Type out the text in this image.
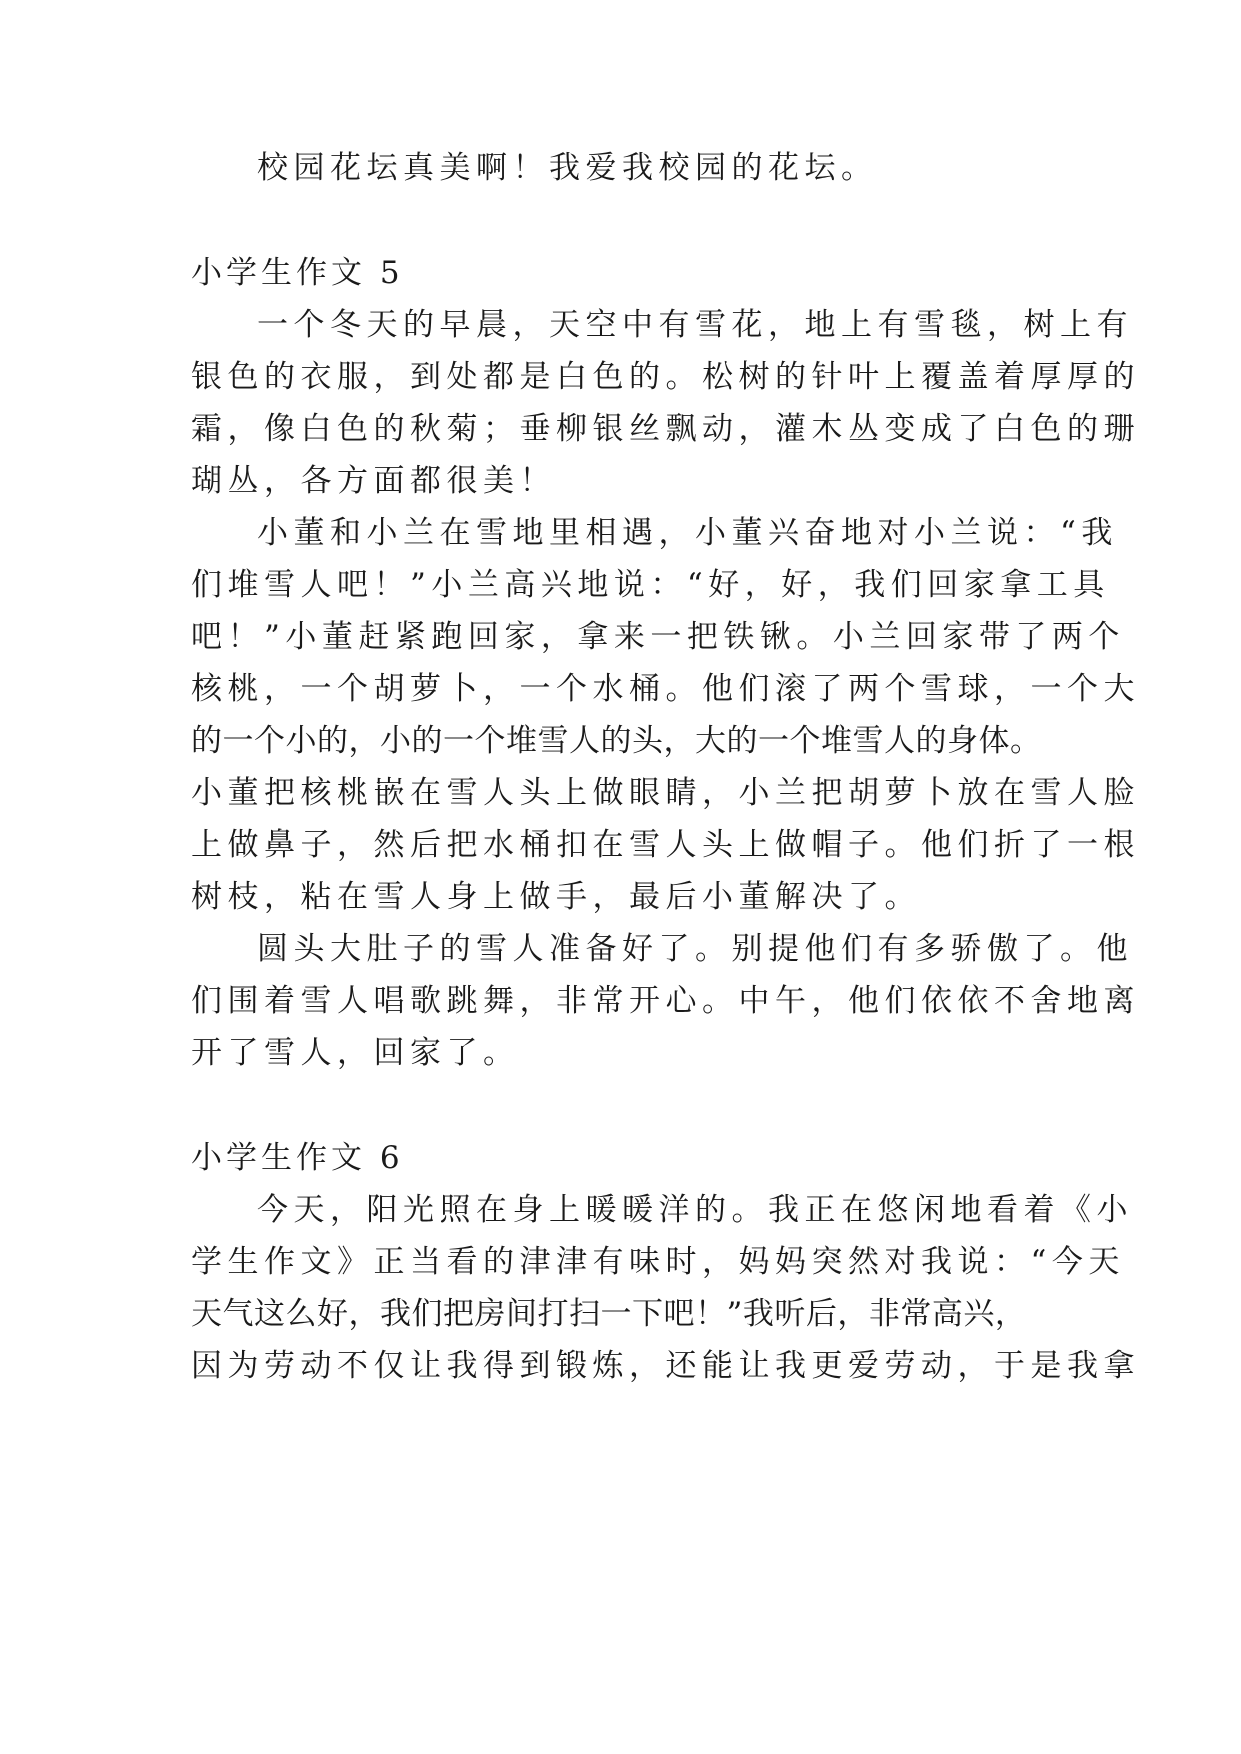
校园花坛真美啊！我爱我校园的花坛。
小学生作文 5
一个冬天的早晨，天空中有雪花，地上有雪毯，树上有
银色的衣服，到处都是白色的。松树的针叶上覆盖着厚厚的
霜，像白色的秋菊；垂柳银丝飘动，灌木丛变成了白色的珊
瑚丛，各方面都很美！
小董和小兰在雪地里相遇，小董兴奋地对小兰说：“我
们堆雪人吧！”小兰高兴地说：“好，好，我们回家拿工具
吧！”小董赶紧跑回家，拿来一把铁锹。小兰回家带了两个
核桃，一个胡萝卜，一个水桶。他们滚了两个雪球，一个大
的一个小的，小的一个堆雪人的头，大的一个堆雪人的身体。
小董把核桃嵌在雪人头上做眼睛，小兰把胡萝卜放在雪人脸
上做鼻子，然后把水桶扣在雪人头上做帽子。他们折了一根
树枝，粘在雪人身上做手，最后小董解决了。
圆头大肚子的雪人准备好了。别提他们有多骄傲了。他
们围着雪人唱歌跳舞，非常开心。中午，他们依依不舍地离
开了雪人，回家了。
小学生作文 6
今天，阳光照在身上暖暖洋的。我正在悠闲地看着《小
学生作文》正当看的津津有味时，妈妈突然对我说：“今天
天气这么好，我们把房间打扫一下吧！”我听后，非常高兴，
因为劳动不仅让我得到锻炼，还能让我更爱劳动，于是我拿
